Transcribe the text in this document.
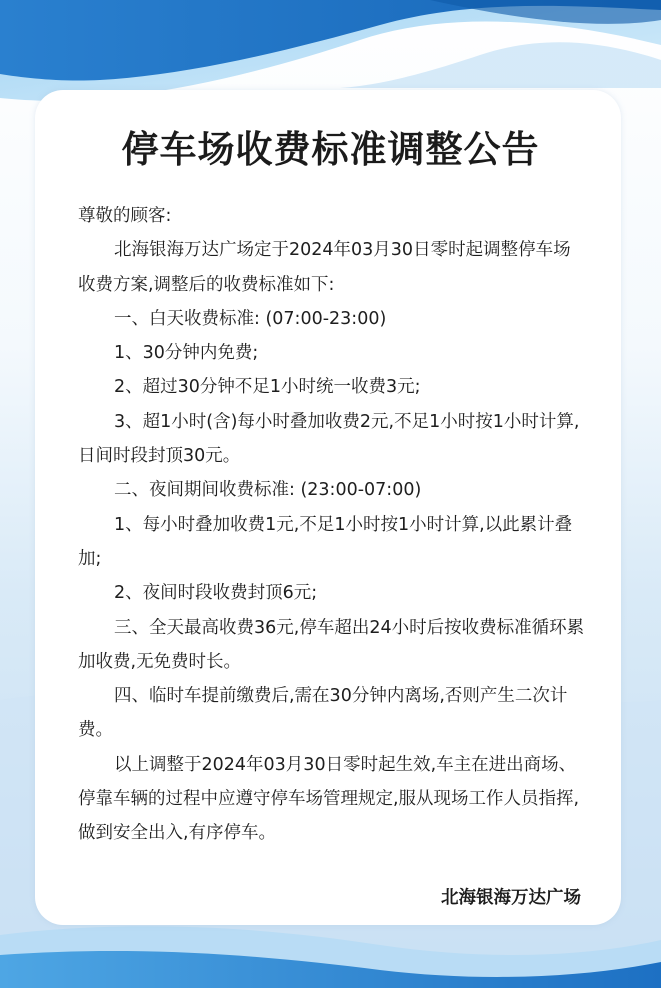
停车场收费标准调整公告

尊敬的顾客:

北海银海万达广场定于2024年03月30日零时起调整停车场收费方案,调整后的收费标准如下:

一、白天收费标准: (07:00-23:00)

1、30分钟内免费;

2、超过30分钟不足1小时统一收费3元;

3、超1小时(含)每小时叠加收费2元,不足1小时按1小时计算,日间时段封顶30元。

二、夜间期间收费标准: (23:00-07:00)

1、每小时叠加收费1元,不足1小时按1小时计算,以此累计叠加;

2、夜间时段收费封顶6元;

三、全天最高收费36元,停车超出24小时后按收费标准循环累加收费,无免费时长。

四、临时车提前缴费后,需在30分钟内离场,否则产生二次计费。

以上调整于2024年03月30日零时起生效,车主在进出商场、停靠车辆的过程中应遵守停车场管理规定,服从现场工作人员指挥,做到安全出入,有序停车。

北海银海万达广场
